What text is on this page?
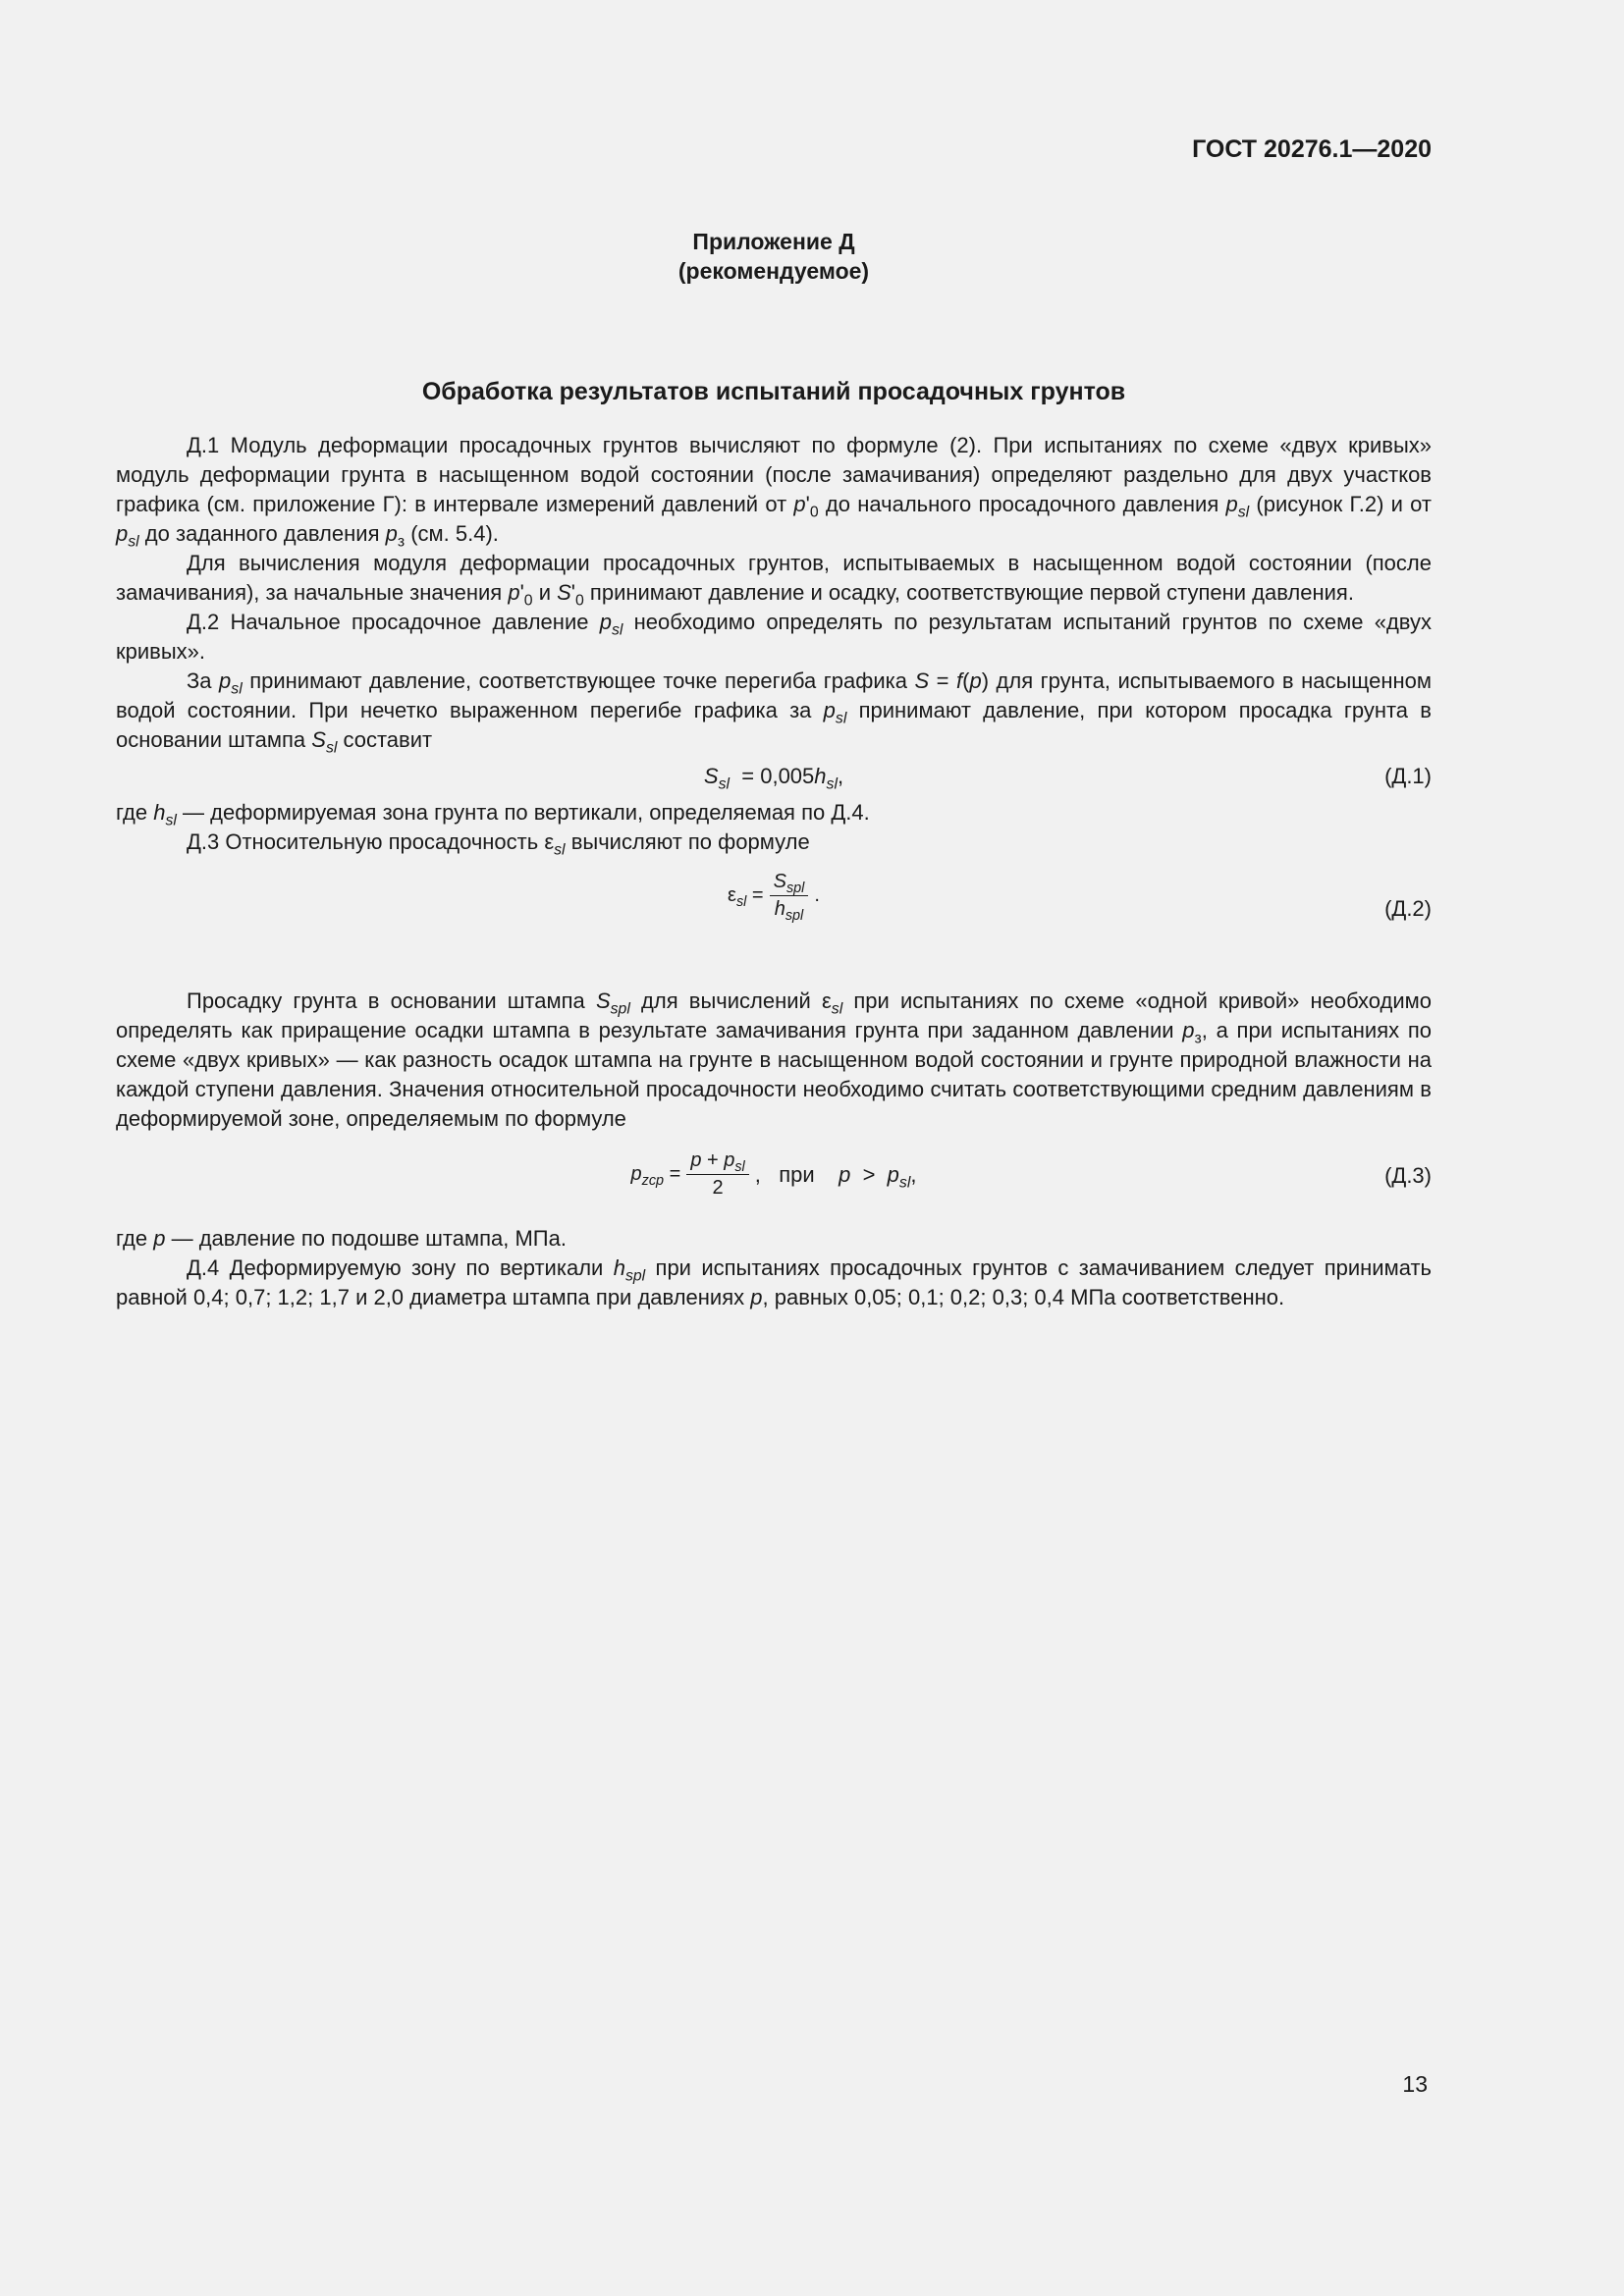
ГОСТ 20276.1—2020
Приложение Д
(рекомендуемое)
Обработка результатов испытаний просадочных грунтов

Д.1 Модуль деформации просадочных грунтов вычисляют по формуле (2). При испытаниях по схеме «двух кривых» модуль деформации грунта в насыщенном водой состоянии (после замачивания) определяют раздельно для двух участков графика (см. приложение Г): в интервале измерений давлений от $p'_0$ до начального просадочного давления $p_{sl}$ (рисунок Г.2) и от $p_{sl}$ до заданного давления $p_з$ (см. 5.4).

Для вычисления модуля деформации просадочных грунтов, испытываемых в насыщенном водой состоянии (после замачивания), за начальные значения $p'_0$ и $S'_0$ принимают давление и осадку, соответствующие первой ступени давления.

Д.2 Начальное просадочное давление $p_{sl}$ необходимо определять по результатам испытаний грунтов по схеме «двух кривых».

За $p_{sl}$ принимают давление, соответствующее точке перегиба графика S = f(p) для грунта, испытываемого в насыщенном водой состоянии. При нечетко выраженном перегибе графика за $p_{sl}$ принимают давление, при котором просадка грунта в основании штампа $S_{sl}$ составит

$S_{sl} = 0,005h_{sl}$,	(Д.1)

где $h_{sl}$ — деформируемая зона грунта по вертикали, определяемая по Д.4.

Д.3 Относительную просадочность $\varepsilon_{sl}$ вычисляют по формуле

$\varepsilon_{sl} = \frac{S_{spl}}{h_{spl}}$ .
(Д.2)

Просадку грунта в основании штампа $S_{spl}$ для вычислений $\varepsilon_{sl}$ при испытаниях по схеме «одной кривой» необходимо определять как приращение осадки штампа в результате замачивания грунта при заданном давлении $p_з$, а при испытаниях по схеме «двух кривых» — как разность осадок штампа на грунте в насыщенном водой состоянии и грунте природной влажности на каждой ступени давления. Значения относительной просадочности необходимо считать соответствующими средним давлениям в деформируемой зоне, определяемым по формуле

$p_{zcp} = \frac{p + p_{sl}}{2}$ ,   при $p > p_{sl}$,	(Д.3)

где p — давление по подошве штампа, МПа.

Д.4 Деформируемую зону по вертикали $h_{spl}$ при испытаниях просадочных грунтов с замачиванием следует принимать равной 0,4; 0,7; 1,2; 1,7 и 2,0 диаметра штампа при давлениях p, равных 0,05; 0,1; 0,2; 0,3; 0,4 МПа соответственно.

13
